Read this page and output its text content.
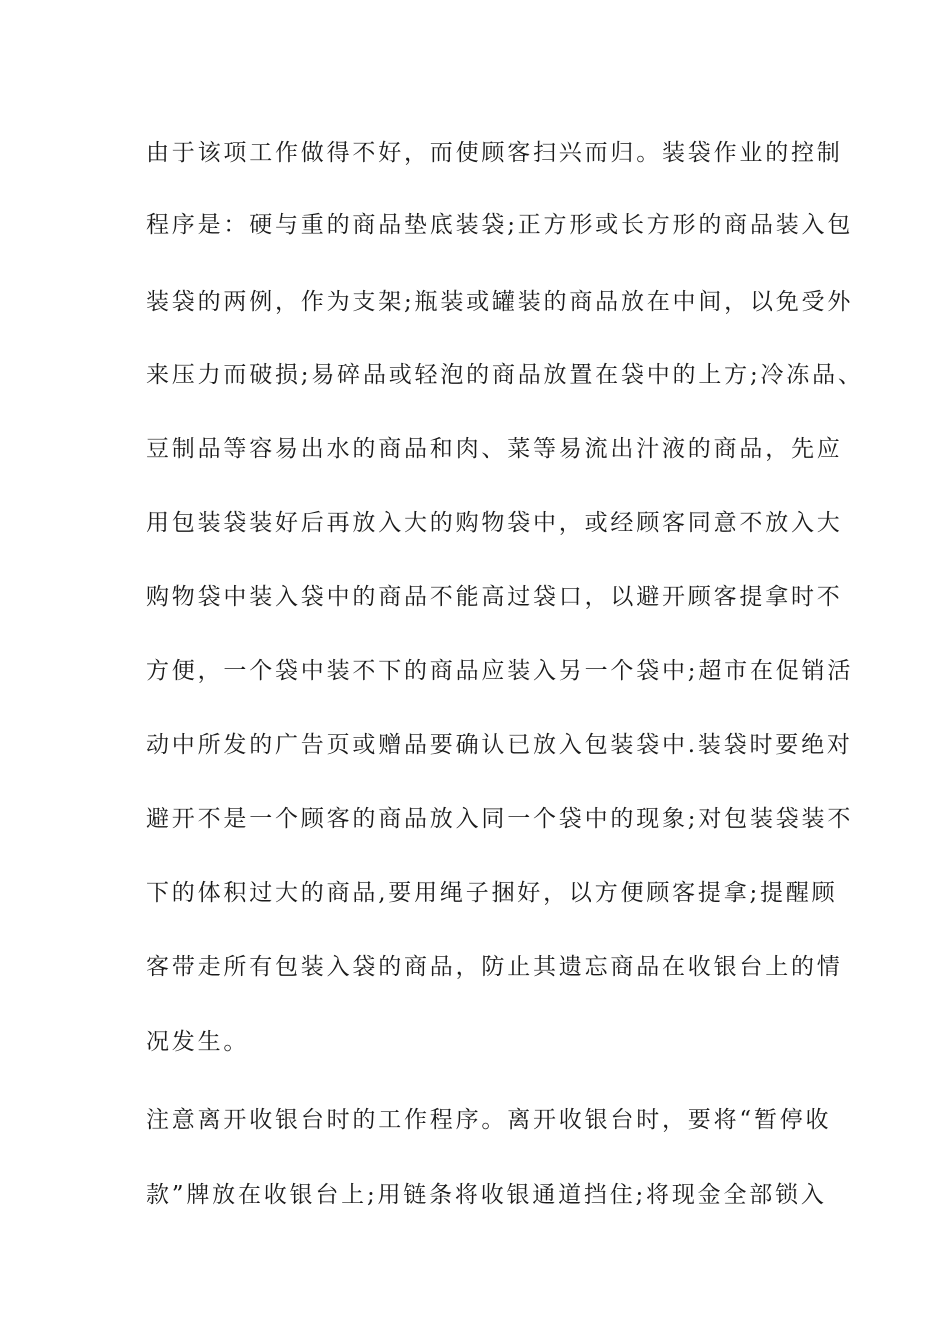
由于该项工作做得不好，而使顾客扫兴而归。装袋作业的控制
程序是：硬与重的商品垫底装袋;正方形或长方形的商品装入包
装袋的两例，作为支架;瓶装或罐装的商品放在中间，以免受外
来压力而破损;易碎品或轻泡的商品放置在袋中的上方;冷冻品、
豆制品等容易出水的商品和肉、菜等易流出汁液的商品，先应
用包装袋装好后再放入大的购物袋中，或经顾客同意不放入大
购物袋中装入袋中的商品不能高过袋口，以避开顾客提拿时不
方便，一个袋中装不下的商品应装入另一个袋中;超市在促销活
动中所发的广告页或赠品要确认已放入包装袋中.装袋时要绝对
避开不是一个顾客的商品放入同一个袋中的现象;对包装袋装不
下的体积过大的商品,要用绳子捆好，以方便顾客提拿;提醒顾
客带走所有包装入袋的商品，防止其遗忘商品在收银台上的情
况发生。
注意离开收银台时的工作程序。离开收银台时，要将“暂停收
款”牌放在收银台上;用链条将收银通道挡住;将现金全部锁入
